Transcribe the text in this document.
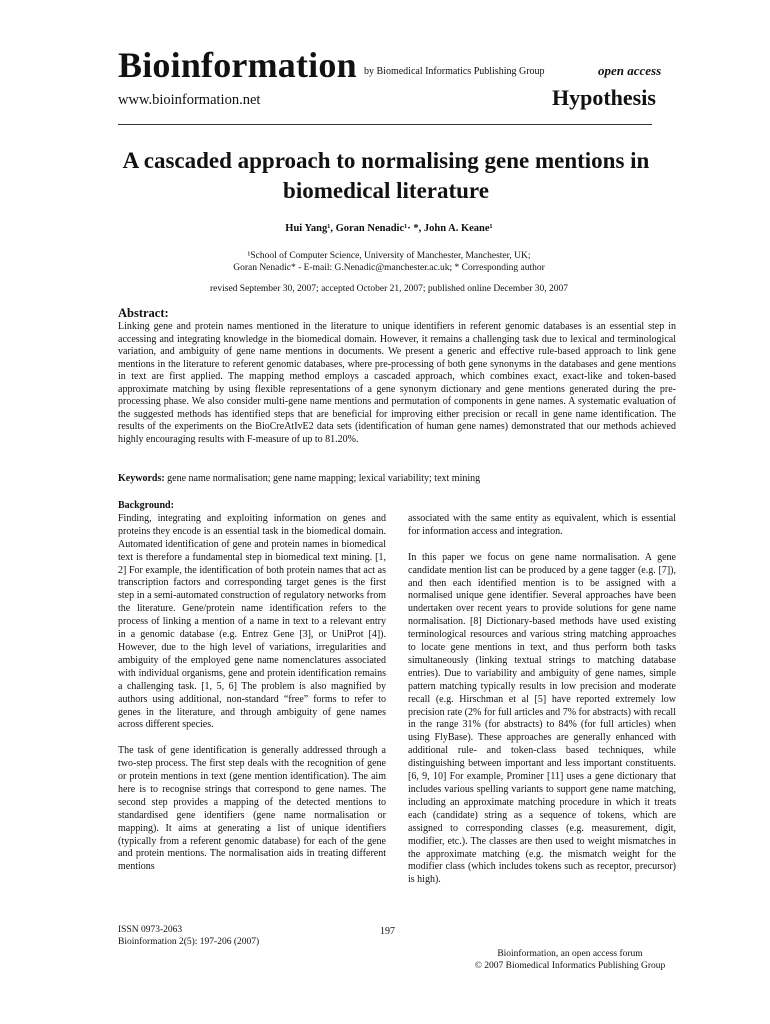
Bioinformation by Biomedical Informatics Publishing Group	open access
www.bioinformation.net	Hypothesis
A cascaded approach to normalising gene mentions in biomedical literature
Hui Yang¹, Goran Nenadic¹· *, John A. Keane¹
¹School of Computer Science, University of Manchester, Manchester, UK;
Goran Nenadic* - E-mail: G.Nenadic@manchester.ac.uk; * Corresponding author
revised September 30, 2007; accepted October 21, 2007; published online December 30, 2007
Abstract:
Linking gene and protein names mentioned in the literature to unique identifiers in referent genomic databases is an essential step in accessing and integrating knowledge in the biomedical domain. However, it remains a challenging task due to lexical and terminological variation, and ambiguity of gene name mentions in documents. We present a generic and effective rule-based approach to link gene mentions in the literature to referent genomic databases, where pre-processing of both gene synonyms in the databases and gene mentions in text are first applied. The mapping method employs a cascaded approach, which combines exact, exact-like and token-based approximate matching by using flexible representations of a gene synonym dictionary and gene mentions generated during the pre-processing phase. We also consider multi-gene name mentions and permutation of components in gene names. A systematic evaluation of the suggested methods has identified steps that are beneficial for improving either precision or recall in gene name identification. The results of the experiments on the BioCreAtIvE2 data sets (identification of human gene names) demonstrated that our methods achieved highly encouraging results with F-measure of up to 81.20%.
Keywords: gene name normalisation; gene name mapping; lexical variability; text mining

Background:

Finding, integrating and exploiting information on genes and proteins they encode is an essential task in the biomedical domain. Automated identification of gene and protein names in biomedical text is therefore a fundamental step in biomedical text mining. [1, 2] For example, the identification of both protein names that act as transcription factors and corresponding target genes is the first step in a semi-automated construction of regulatory networks from the literature. Gene/protein name identification refers to the process of linking a mention of a name in text to a relevant entry in a genomic database (e.g. Entrez Gene [3], or UniProt [4]). However, due to the high level of variations, irregularities and ambiguity of the employed gene name nomenclatures associated with individual organisms, gene and protein identification remains a challenging task. [1, 5, 6] The problem is also magnified by authors using additional, non-standard “free” forms to refer to genes in the literature, and through ambiguity of gene names across different species.

The task of gene identification is generally addressed through a two-step process. The first step deals with the recognition of gene or protein mentions in text (gene mention identification). The aim here is to recognise strings that correspond to gene names. The second step provides a mapping of the detected mentions to standardised gene identifiers (gene name normalisation or mapping). It aims at generating a list of unique identifiers (typically from a referent genomic database) for each of the gene and protein mentions. The normalisation aids in treating different mentions

associated with the same entity as equivalent, which is essential for information access and integration.

In this paper we focus on gene name normalisation. A gene candidate mention list can be produced by a gene tagger (e.g. [7]), and then each identified mention is to be assigned with a normalised unique gene identifier. Several approaches have been undertaken over recent years to provide solutions for gene name normalisation. [8] Dictionary-based methods have used existing terminological resources and various string matching approaches to locate gene mentions in text, and thus perform both tasks simultaneously (linking textual strings to matching database entries). Due to variability and ambiguity of gene names, simple pattern matching typically results in low precision and moderate recall (e.g. Hirschman et al [5] have reported extremely low precision rate (2% for full articles and 7% for abstracts) with recall in the range 31% (for abstracts) to 84% (for full articles) when using FlyBase). These approaches are generally enhanced with additional rule- and token-class based techniques, while distinguishing between important and less important constituents. [6, 9, 10] For example, Prominer [11] uses a gene dictionary that includes various spelling variants to support gene name matching, including an approximate matching procedure in which it treats each (candidate) string as a sequence of tokens, which are assigned to corresponding classes (e.g. measurement, digit, modifier, etc.). The classes are then used to weight mismatches in the approximate matching (e.g. the mismatch weight for the modifier class (which includes tokens such as receptor, precursor) is high).

ISSN 0973-2063
Bioinformation 2(5): 197-206 (2007)
197
Bioinformation, an open access forum
© 2007 Biomedical Informatics Publishing Group
